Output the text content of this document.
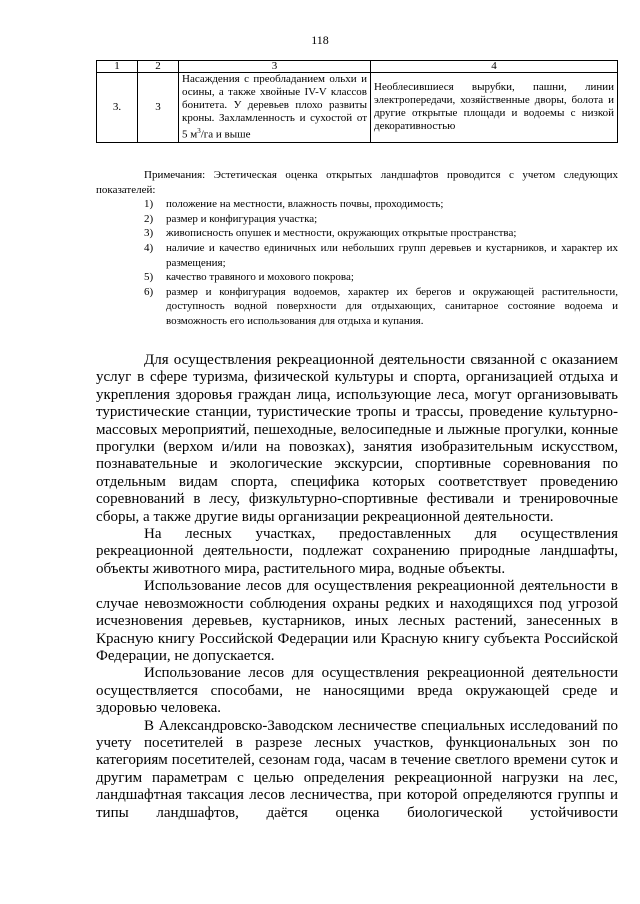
118
1	2	3	4
3.	3	Насаждения с преобладанием ольхи и осины, а также хвойные IV-V классов бонитета. У деревьев плохо развиты кроны. Захламленность и сухостой от 5 $м^3/га$ и выше	Необлесившиеся вырубки, пашни, линии электропередачи, хозяйственные дворы, болота и другие открытые площади и водоемы с низкой декоративностью
Примечания: Эстетическая оценка открытых ландшафтов проводится с учетом следующих показателей:
1) положение на местности, влажность почвы, проходимость;
2) размер и конфигурация участка;
3) живописность опушек и местности, окружающих открытые пространства;
4) наличие и качество единичных или небольших групп деревьев и кустарников, и характер их размещения;
5) качество травяного и мохового покрова;
6) размер и конфигурация водоемов, характер их берегов и окружающей растительности, доступность водной поверхности для отдыхающих, санитарное состояние водоема и возможность его использования для отдыха и купания.

Для осуществления рекреационной деятельности связанной с оказанием услуг в сфере туризма, физической культуры и спорта, организацией отдыха и укрепления здоровья граждан лица, использующие леса, могут организовывать туристические станции, туристические тропы и трассы, проведение культурно-массовых мероприятий, пешеходные, велосипедные и лыжные прогулки, конные прогулки (верхом и/или на повозках), занятия изобразительным искусством, познавательные и экологические экскурсии, спортивные соревнования по отдельным видам спорта, специфика которых соответствует проведению соревнований в лесу, физкультурно-спортивные фестивали и тренировочные сборы, а также другие виды организации рекреационной деятельности.

На лесных участках, предоставленных для осуществления рекреационной деятельности, подлежат сохранению природные ландшафты, объекты животного мира, растительного мира, водные объекты.

Использование лесов для осуществления рекреационной деятельности в случае невозможности соблюдения охраны редких и находящихся под угрозой исчезновения деревьев, кустарников, иных лесных растений, занесенных в Красную книгу Российской Федерации или Красную книгу субъекта Российской Федерации, не допускается.

Использование лесов для осуществления рекреационной деятельности осуществляется способами, не наносящими вреда окружающей среде и здоровью человека.

В Александровско-Заводском лесничестве специальных исследований по учету посетителей в разрезе лесных участков, функциональных зон по категориям посетителей, сезонам года, часам в течение светлого времени суток и другим параметрам с целью определения рекреационной нагрузки на лес, ландшафтная таксация лесов лесничества, при которой определяются группы и типы ландшафтов, даётся оценка биологической устойчивости
